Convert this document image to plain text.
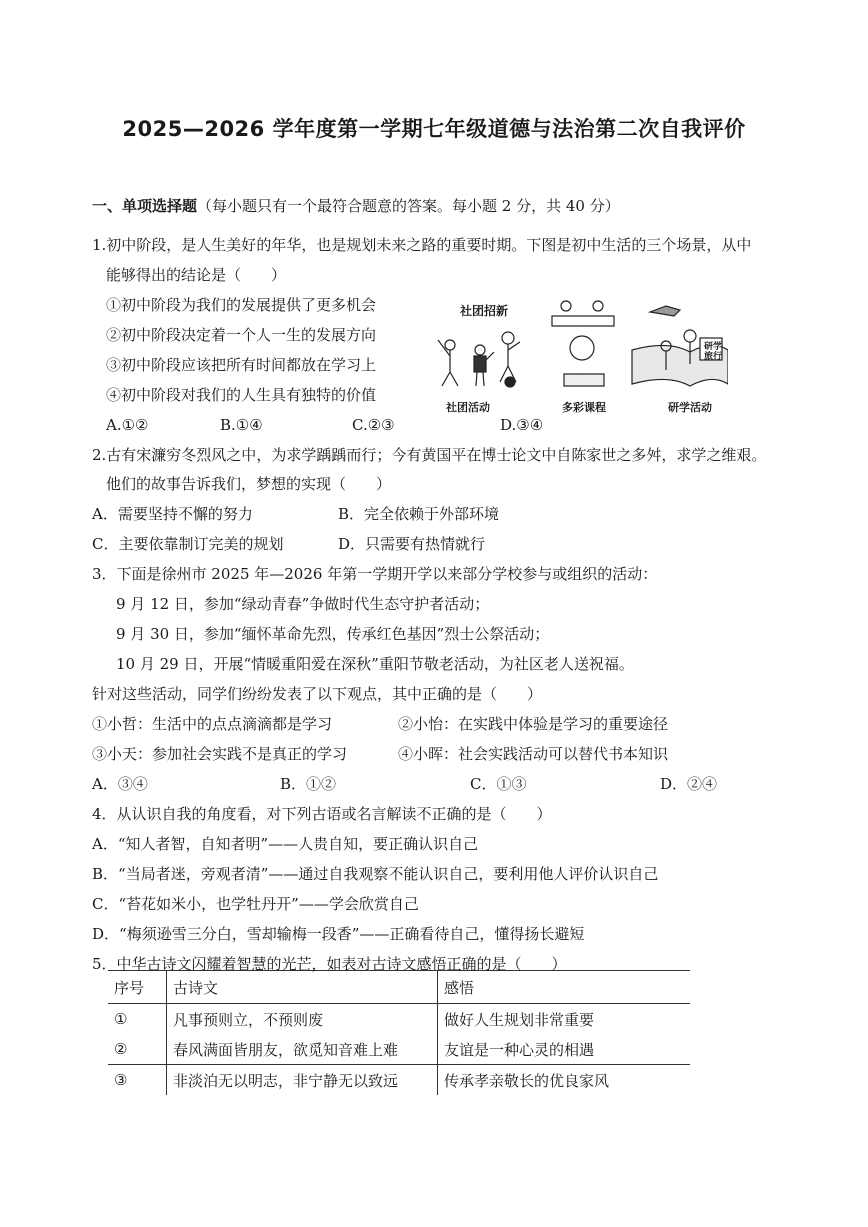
2025—2026 学年度第一学期七年级道德与法治第二次自我评价
一、单项选择题（每小题只有一个最符合题意的答案。每小题 2 分，共 40 分）
1.初中阶段，是人生美好的年华，也是规划未来之路的重要时期。下图是初中生活的三个场景，从中
能够得出的结论是（　　）
①初中阶段为我们的发展提供了更多机会
②初中阶段决定着一个人一生的发展方向
③初中阶段应该把所有时间都放在学习上
④初中阶段对我们的人生具有独特的价值
A.①②	B.①④	C.②③	D.③④
社团招新
研学旅行
社团活动	多彩课程	研学活动
2.古有宋濂穷冬烈风之中，为求学踽踽而行；今有黄国平在博士论文中自陈家世之多舛，求学之维艰。
他们的故事告诉我们，梦想的实现（　　）
A．需要坚持不懈的努力	B．完全依赖于外部环境
C．主要依靠制订完美的规划	D．只需要有热情就行
3．下面是徐州市 2025 年—2026 年第一学期开学以来部分学校参与或组织的活动：
9 月 12 日，参加“绿动青春”争做时代生态守护者活动；
9 月 30 日，参加“缅怀革命先烈，传承红色基因”烈士公祭活动；
10 月 29 日，开展“情暖重阳爱在深秋”重阳节敬老活动，为社区老人送祝福。
针对这些活动，同学们纷纷发表了以下观点，其中正确的是（　　）
①小哲：生活中的点点滴滴都是学习	②小怡：在实践中体验是学习的重要途径
③小天：参加社会实践不是真正的学习	④小晖：社会实践活动可以替代书本知识
A．③④	B．①②	C．①③	D．②④
4．从认识自我的角度看，对下列古语或名言解读不正确的是（　　）
A．“知人者智，自知者明”——人贵自知，要正确认识自己
B．“当局者迷，旁观者清”——通过自我观察不能认识自己，要利用他人评价认识自己
C．“苔花如米小，也学牡丹开”——学会欣赏自己
D．“梅须逊雪三分白，雪却输梅一段香”——正确看待自己，懂得扬长避短
5．中华古诗文闪耀着智慧的光芒，如表对古诗文感悟正确的是（　　）
序号	古诗文	感悟
①	凡事预则立，不预则废	做好人生规划非常重要
②	春风满面皆朋友，欲觅知音难上难	友谊是一种心灵的相遇
③	非淡泊无以明志，非宁静无以致远	传承孝亲敬长的优良家风
